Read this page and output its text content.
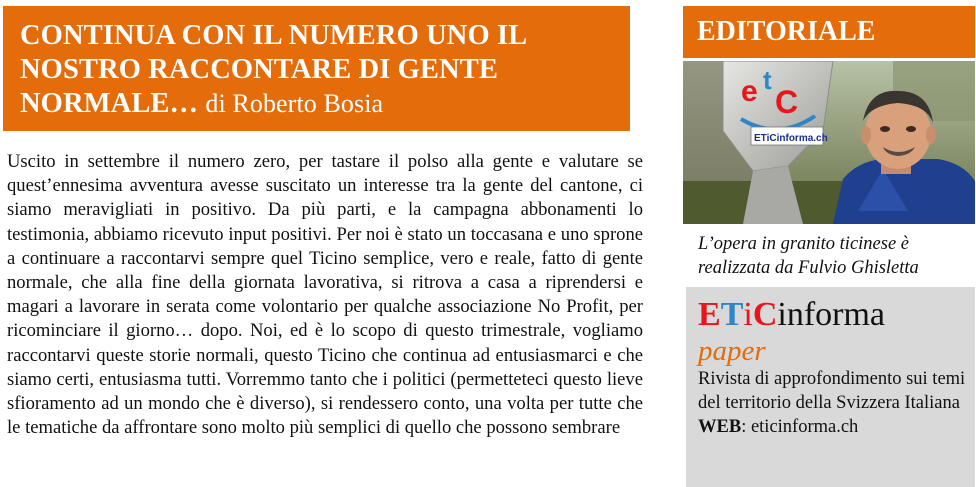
CONTINUA CON IL NUMERO UNO IL NOSTRO RACCONTARE DI GENTE NORMALE… di Roberto Bosia

Uscito in settembre il numero zero, per tastare il polso alla gente e valutare se quest’ennesima avventura avesse suscitato un interesse tra la gente del cantone, ci siamo meravigliati in positivo. Da più parti, e la campagna abbonamenti lo testimonia, abbiamo ricevuto input positivi. Per noi è stato un toccasana e uno sprone a continuare a raccontarvi sempre quel Ticino semplice, vero e reale, fatto di gente normale, che alla fine della giornata lavorativa, si ritrova a casa a riprendersi e magari a lavorare in serata come volontario per qualche associazione No Profit, per ricominciare il giorno… dopo. Noi, ed è lo scopo di questo trimestrale, vogliamo raccontarvi queste storie normali, questo Ticino che continua ad entusiasmarci e che siamo certi, entusiasma tutti. Vorremmo tanto che i politici (permetteteci questo lieve sfioramento ad un mondo che è diverso), si rendessero conto, una volta per tutte che le tematiche da affrontare sono molto più semplici di quello che possono sembrare

EDITORIALE
e t
C
ETiCinforma.ch
L’opera in granito ticinese è realizzata da Fulvio Ghisletta
ETiCinforma
paper
Rivista di approfondimento sui temi del territorio della Svizzera Italiana
WEB: eticinforma.ch
